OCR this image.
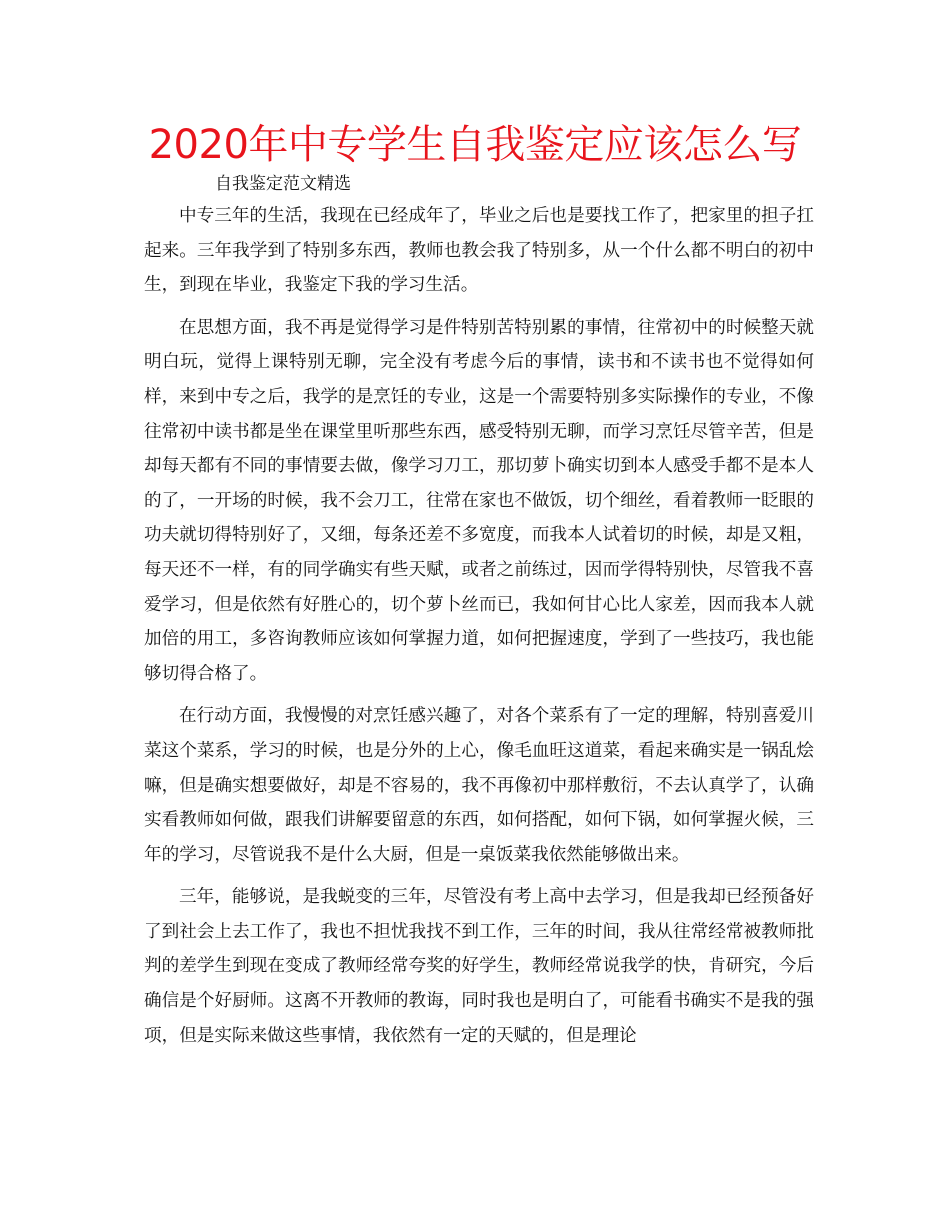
2020年中专学生自我鉴定应该怎么写

自我鉴定范文精选

中专三年的生活，我现在已经成年了，毕业之后也是要找工作了，把家里的担子扛起来。三年我学到了特别多东西，教师也教会我了特别多，从一个什么都不明白的初中生，到现在毕业，我鉴定下我的学习生活。

在思想方面，我不再是觉得学习是件特别苦特别累的事情，往常初中的时候整天就明白玩，觉得上课特别无聊，完全没有考虑今后的事情，读书和不读书也不觉得如何样，来到中专之后，我学的是烹饪的专业，这是一个需要特别多实际操作的专业，不像往常初中读书都是坐在课堂里听那些东西，感受特别无聊，而学习烹饪尽管辛苦，但是却每天都有不同的事情要去做，像学习刀工，那切萝卜确实切到本人感受手都不是本人的了，一开场的时候，我不会刀工，往常在家也不做饭，切个细丝，看着教师一眨眼的功夫就切得特别好了，又细，每条还差不多宽度，而我本人试着切的时候，却是又粗，每天还不一样，有的同学确实有些天赋，或者之前练过，因而学得特别快，尽管我不喜爱学习，但是依然有好胜心的，切个萝卜丝而已，我如何甘心比人家差，因而我本人就加倍的用工，多咨询教师应该如何掌握力道，如何把握速度，学到了一些技巧，我也能够切得合格了。

在行动方面，我慢慢的对烹饪感兴趣了，对各个菜系有了一定的理解，特别喜爱川菜这个菜系，学习的时候，也是分外的上心，像毛血旺这道菜，看起来确实是一锅乱烩嘛，但是确实想要做好，却是不容易的，我不再像初中那样敷衍，不去认真学了，认确实看教师如何做，跟我们讲解要留意的东西，如何搭配，如何下锅，如何掌握火候，三年的学习，尽管说我不是什么大厨，但是一桌饭菜我依然能够做出来。

三年，能够说，是我蜕变的三年，尽管没有考上高中去学习，但是我却已经预备好了到社会上去工作了，我也不担忧我找不到工作，三年的时间，我从往常经常被教师批判的差学生到现在变成了教师经常夸奖的好学生，教师经常说我学的快，肯研究，今后确信是个好厨师。这离不开教师的教诲，同时我也是明白了，可能看书确实不是我的强项，但是实际来做这些事情，我依然有一定的天赋的，但是理论
